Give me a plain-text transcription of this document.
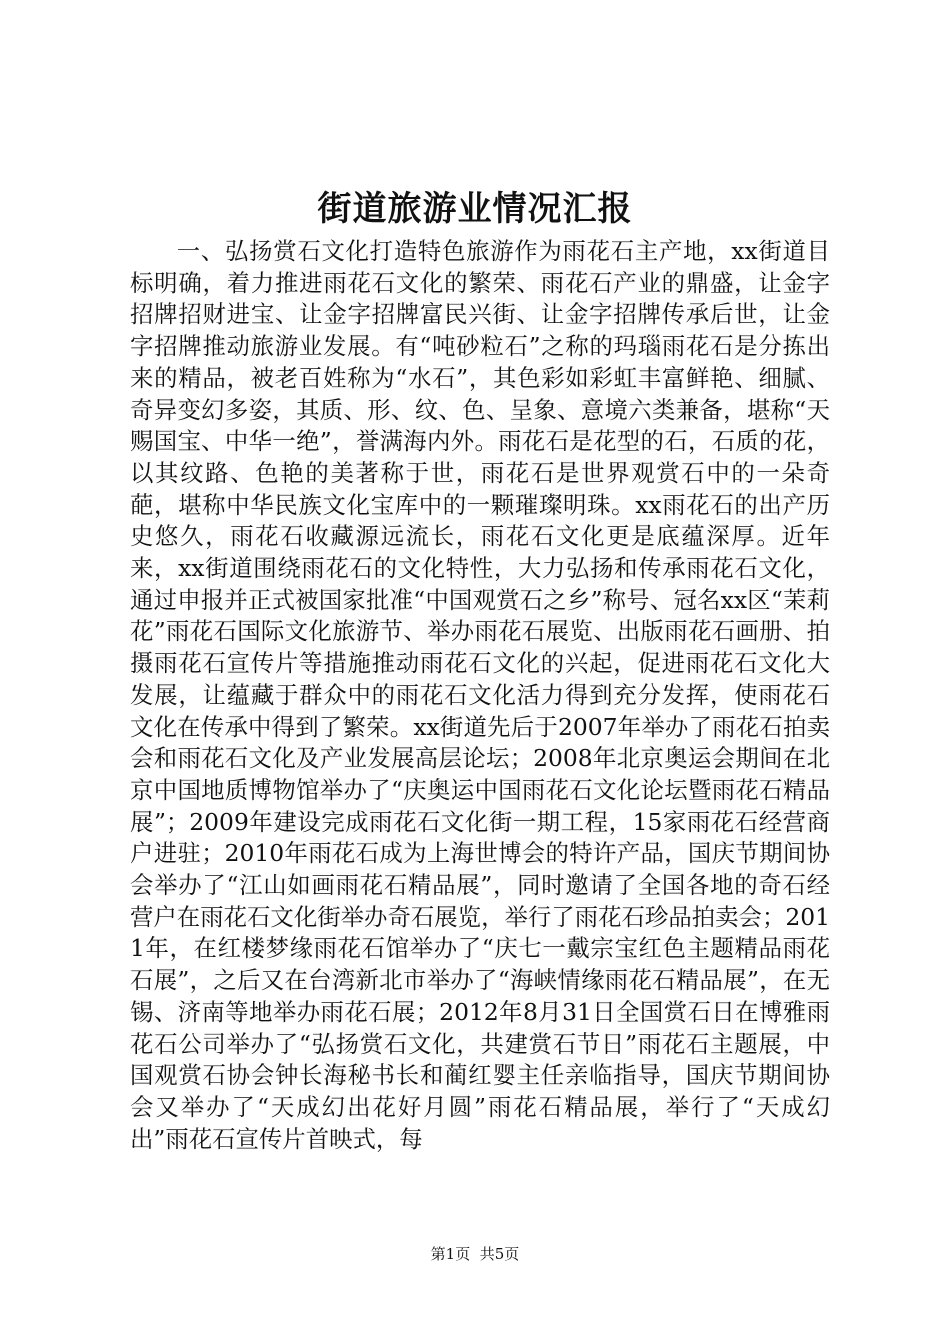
街道旅游业情况汇报

一、弘扬赏石文化打造特色旅游作为雨花石主产地，xx街道目标明确，着力推进雨花石文化的繁荣、雨花石产业的鼎盛，让金字招牌招财进宝、让金字招牌富民兴街、让金字招牌传承后世，让金字招牌推动旅游业发展。有“吨砂粒石”之称的玛瑙雨花石是分拣出来的精品，被老百姓称为“水石”，其色彩如彩虹丰富鲜艳、细腻、奇异变幻多姿，其质、形、纹、色、呈象、意境六类兼备，堪称“天赐国宝、中华一绝”，誉满海内外。雨花石是花型的石，石质的花，以其纹路、色艳的美著称于世，雨花石是世界观赏石中的一朵奇葩，堪称中华民族文化宝库中的一颗璀璨明珠。xx雨花石的出产历史悠久，雨花石收藏源远流长，雨花石文化更是底蕴深厚。近年来，xx街道围绕雨花石的文化特性，大力弘扬和传承雨花石文化，通过申报并正式被国家批准“中国观赏石之乡”称号、冠名xx区“茉莉花”雨花石国际文化旅游节、举办雨花石展览、出版雨花石画册、拍摄雨花石宣传片等措施推动雨花石文化的兴起，促进雨花石文化大发展，让蕴藏于群众中的雨花石文化活力得到充分发挥，使雨花石文化在传承中得到了繁荣。xx街道先后于2007年举办了雨花石拍卖会和雨花石文化及产业发展高层论坛；2008年北京奥运会期间在北京中国地质博物馆举办了“庆奥运中国雨花石文化论坛暨雨花石精品展”；2009年建设完成雨花石文化街一期工程，15家雨花石经营商户进驻；2010年雨花石成为上海世博会的特许产品，国庆节期间协会举办了“江山如画雨花石精品展”，同时邀请了全国各地的奇石经营户在雨花石文化街举办奇石展览，举行了雨花石珍品拍卖会；2011年，在红楼梦缘雨花石馆举办了“庆七一戴宗宝红色主题精品雨花石展”，之后又在台湾新北市举办了“海峡情缘雨花石精品展”，在无锡、济南等地举办雨花石展；2012年8月31日全国赏石日在博雅雨花石公司举办了“弘扬赏石文化，共建赏石节日”雨花石主题展，中国观赏石协会钟长海秘书长和蔺红婴主任亲临指导，国庆节期间协会又举办了“天成幻出花好月圆”雨花石精品展，举行了“天成幻出”雨花石宣传片首映式，每

第1页 共5页
